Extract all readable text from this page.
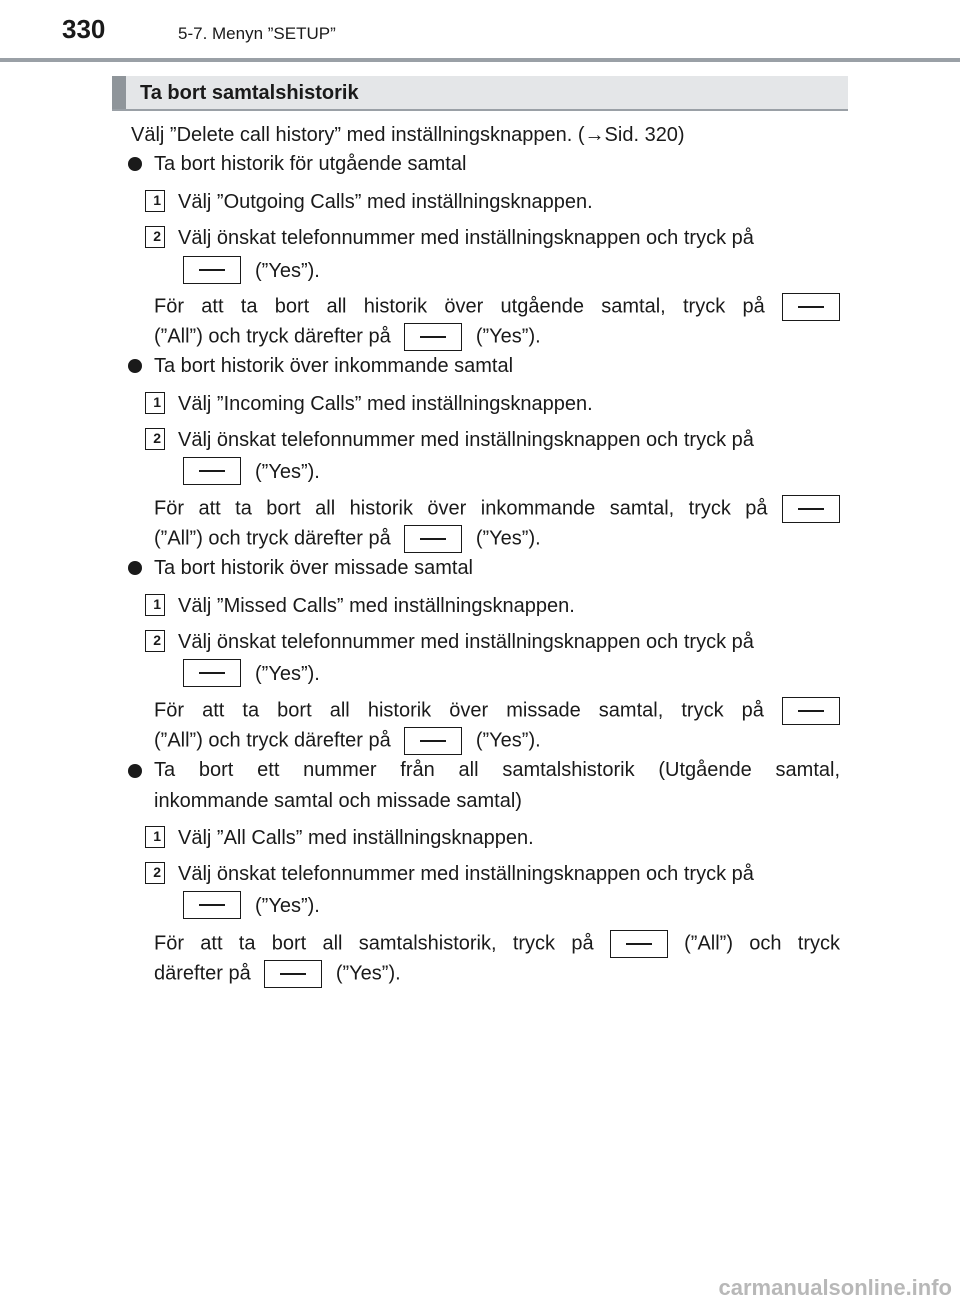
330	5-7. Menyn ”SETUP”
Ta bort samtalshistorik
Välj ”Delete call history” med inställningsknappen. (→Sid. 320)
Ta bort historik för utgående samtal
1 Välj ”Outgoing Calls” med inställningsknappen.
2 Välj önskat telefonnummer med inställningsknappen och tryck på
(”Yes”).
För att ta bort all historik över utgående samtal, tryck på
(”All”) och tryck därefter på	(”Yes”).
Ta bort historik över inkommande samtal
1 Välj ”Incoming Calls” med inställningsknappen.
2 Välj önskat telefonnummer med inställningsknappen och tryck på
(”Yes”).
För att ta bort all historik över inkommande samtal, tryck på
(”All”) och tryck därefter på	(”Yes”).
Ta bort historik över missade samtal
1 Välj ”Missed Calls” med inställningsknappen.
2 Välj önskat telefonnummer med inställningsknappen och tryck på
(”Yes”).
För att ta bort all historik över missade samtal, tryck på
(”All”) och tryck därefter på	(”Yes”).
Ta bort ett nummer från all samtalshistorik (Utgående samtal,
inkommande samtal och missade samtal)
1 Välj ”All Calls” med inställningsknappen.
2 Välj önskat telefonnummer med inställningsknappen och tryck på
(”Yes”).
För att ta bort all samtalshistorik, tryck på	(”All”) och tryck
därefter på	(”Yes”).
carmanualsonline.info
